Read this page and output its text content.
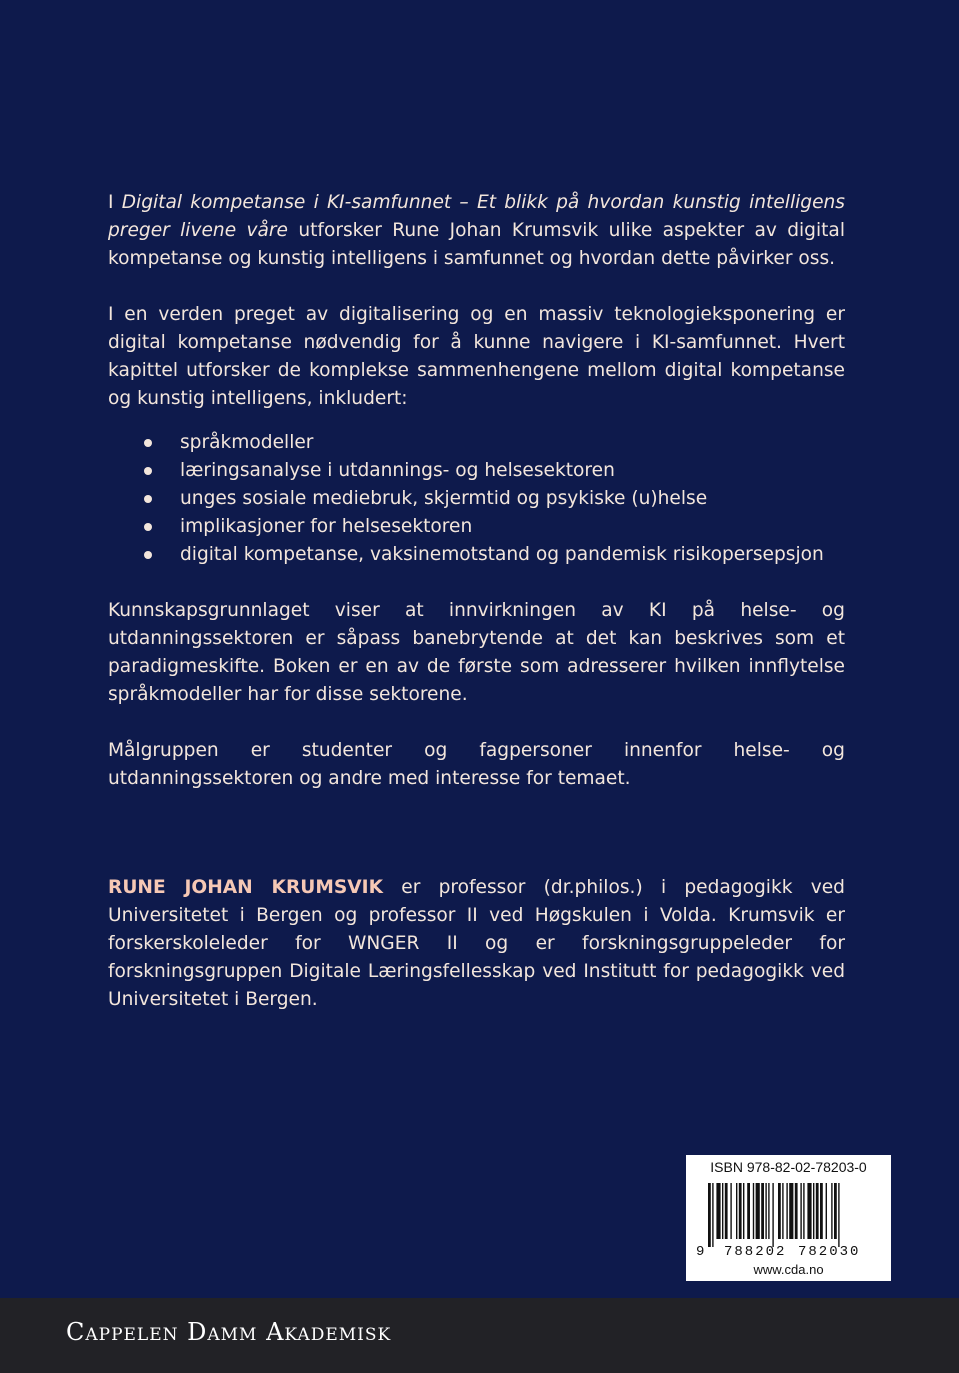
I Digital kompetanse i KI-samfunnet – Et blikk på hvordan kunstig intelligens preger livene våre utforsker Rune Johan Krumsvik ulike aspekter av digital kompetanse og kunstig intelligens i samfunnet og hvordan dette påvirker oss.

I en verden preget av digitalisering og en massiv teknologieksponering er digital kompetanse nødvendig for å kunne navigere i KI-samfunnet. Hvert kapittel utforsker de komplekse sammenhengene mellom digital kompetanse og kunstig intelligens, inkludert:

språkmodeller
læringsanalyse i utdannings- og helsesektoren
unges sosiale mediebruk, skjermtid og psykiske (u)helse
implikasjoner for helsesektoren
digital kompetanse, vaksinemotstand og pandemisk risikopersepsjon

Kunnskapsgrunnlaget viser at innvirkningen av KI på helse- og utdanningssektoren er såpass banebrytende at det kan beskrives som et paradigmeskifte. Boken er en av de første som adresserer hvilken innflytelse språkmodeller har for disse sektorene.

Målgruppen er studenter og fagpersoner innenfor helse- og utdanningssektoren og andre med interesse for temaet.

RUNE JOHAN KRUMSVIK er professor (dr.philos.) i pedagogikk ved Universitetet i Bergen og professor II ved Høgskulen i Volda. Krumsvik er forskerskoleleder for WNGER II og er forskningsgruppeleder for forskningsgruppen Digitale Læringsfellesskap ved Institutt for pedagogikk ved Universitetet i Bergen.

ISBN 978-82-02-78203-0
9 788202 782030
www.cda.no
Cappelen Damm Akademisk
